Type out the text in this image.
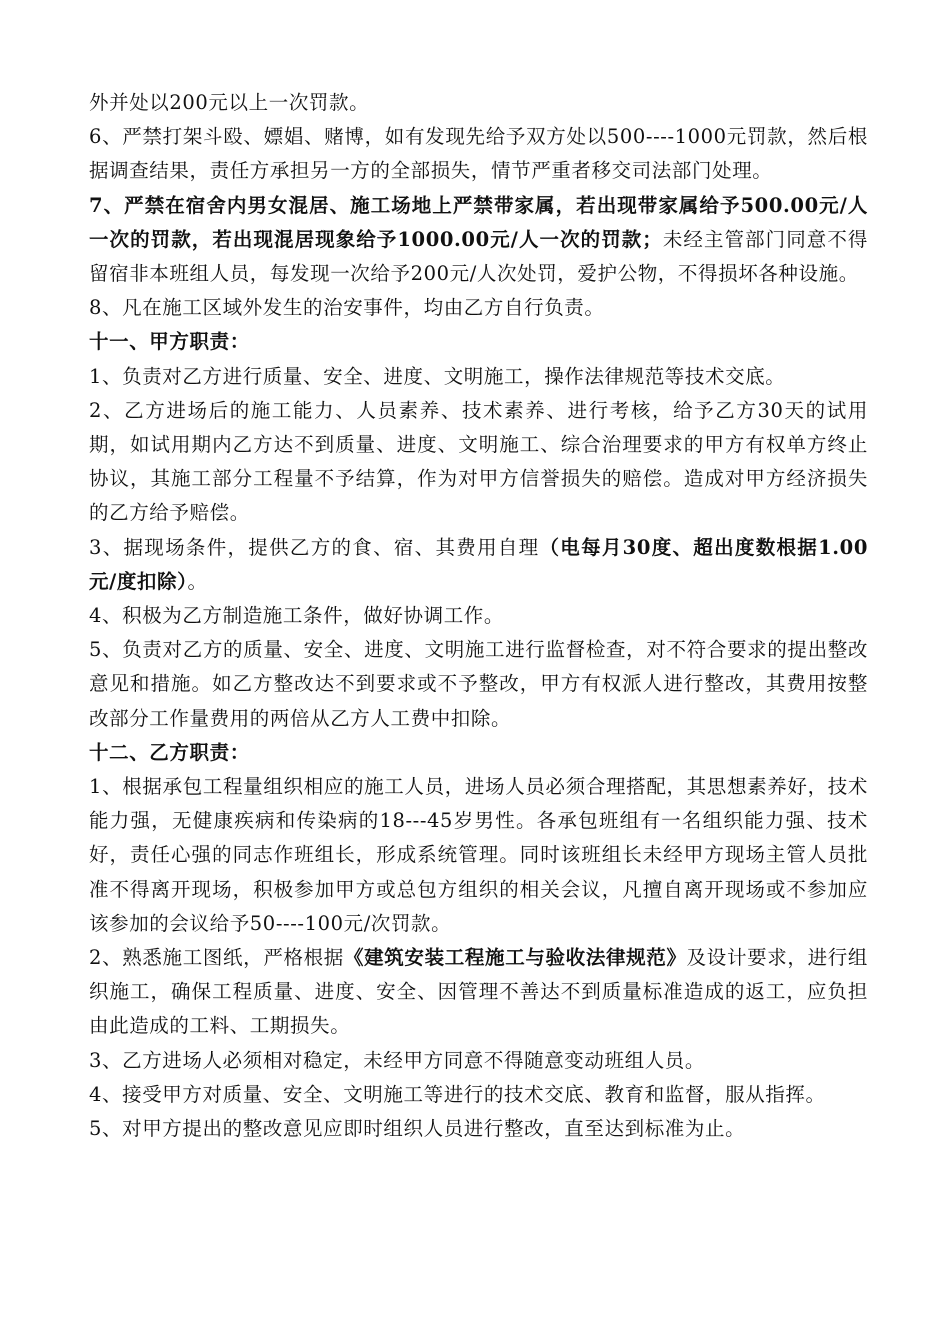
外并处以200元以上一次罚款。

6、严禁打架斗殴、嫖娼、赌博，如有发现先给予双方处以500----1000元罚款，然后根据调查结果，责任方承担另一方的全部损失，情节严重者移交司法部门处理。

7、严禁在宿舍内男女混居、施工场地上严禁带家属，若出现带家属给予500.00元/人一次的罚款，若出现混居现象给予1000.00元/人一次的罚款；未经主管部门同意不得留宿非本班组人员，每发现一次给予200元/人次处罚，爱护公物，不得损坏各种设施。

8、凡在施工区域外发生的治安事件，均由乙方自行负责。

十一、甲方职责：

1、负责对乙方进行质量、安全、进度、文明施工，操作法律规范等技术交底。

2、乙方进场后的施工能力、人员素养、技术素养、进行考核，给予乙方30天的试用期，如试用期内乙方达不到质量、进度、文明施工、综合治理要求的甲方有权单方终止协议，其施工部分工程量不予结算，作为对甲方信誉损失的赔偿。造成对甲方经济损失的乙方给予赔偿。

3、据现场条件，提供乙方的食、宿、其费用自理（电每月30度、超出度数根据1.00元/度扣除）。

4、积极为乙方制造施工条件，做好协调工作。

5、负责对乙方的质量、安全、进度、文明施工进行监督检查，对不符合要求的提出整改意见和措施。如乙方整改达不到要求或不予整改，甲方有权派人进行整改，其费用按整改部分工作量费用的两倍从乙方人工费中扣除。

十二、乙方职责：

1、根据承包工程量组织相应的施工人员，进场人员必须合理搭配，其思想素养好，技术能力强，无健康疾病和传染病的18---45岁男性。各承包班组有一名组织能力强、技术好，责任心强的同志作班组长，形成系统管理。同时该班组长未经甲方现场主管人员批准不得离开现场，积极参加甲方或总包方组织的相关会议，凡擅自离开现场或不参加应该参加的会议给予50----100元/次罚款。

2、熟悉施工图纸，严格根据《建筑安装工程施工与验收法律规范》及设计要求，进行组织施工，确保工程质量、进度、安全、因管理不善达不到质量标准造成的返工，应负担由此造成的工料、工期损失。

3、乙方进场人必须相对稳定，未经甲方同意不得随意变动班组人员。

4、接受甲方对质量、安全、文明施工等进行的技术交底、教育和监督，服从指挥。

5、对甲方提出的整改意见应即时组织人员进行整改，直至达到标准为止。
